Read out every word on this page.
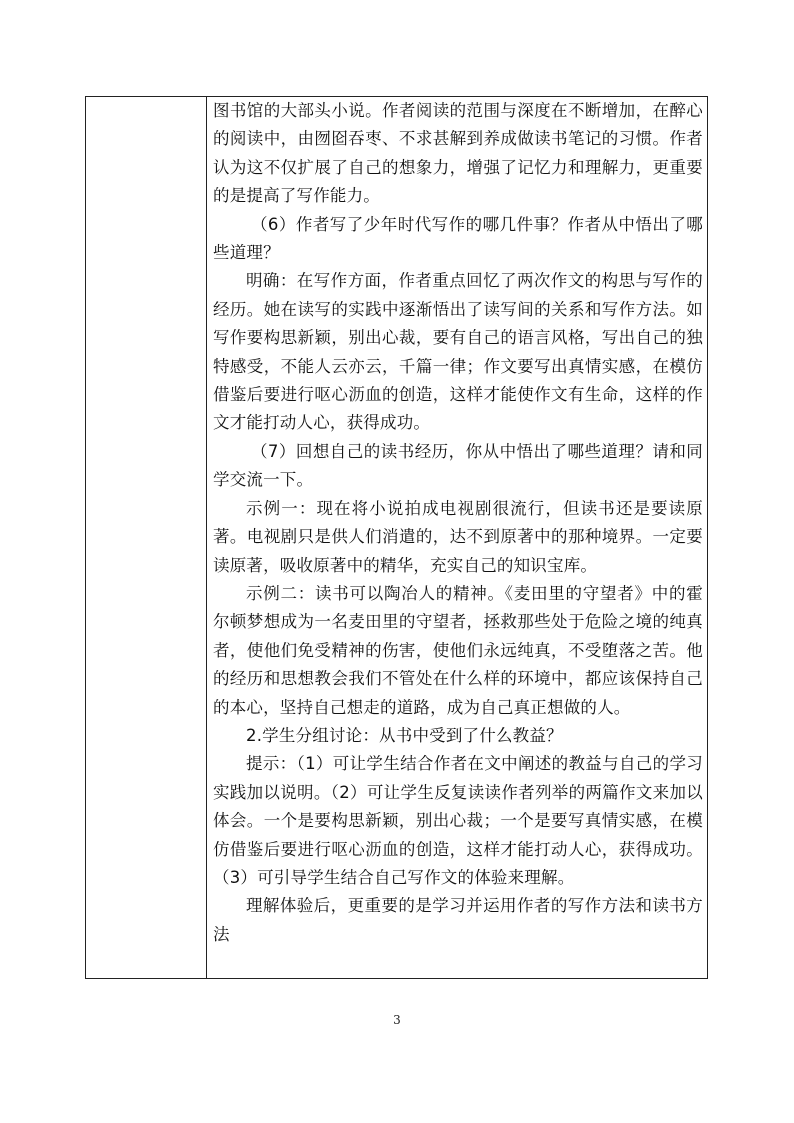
图书馆的大部头小说。作者阅读的范围与深度在不断增加，在醉心的阅读中，由囫囵吞枣、不求甚解到养成做读书笔记的习惯。作者认为这不仅扩展了自己的想象力，增强了记忆力和理解力，更重要的是提高了写作能力。

（6）作者写了少年时代写作的哪几件事？作者从中悟出了哪些道理？

明确：在写作方面，作者重点回忆了两次作文的构思与写作的经历。她在读写的实践中逐渐悟出了读写间的关系和写作方法。如写作要构思新颖，别出心裁，要有自己的语言风格，写出自己的独特感受，不能人云亦云，千篇一律；作文要写出真情实感，在模仿借鉴后要进行呕心沥血的创造，这样才能使作文有生命，这样的作文才能打动人心，获得成功。

（7）回想自己的读书经历，你从中悟出了哪些道理？请和同学交流一下。

示例一：现在将小说拍成电视剧很流行，但读书还是要读原著。电视剧只是供人们消遣的，达不到原著中的那种境界。一定要读原著，吸收原著中的精华，充实自己的知识宝库。

示例二：读书可以陶冶人的精神。《麦田里的守望者》中的霍尔顿梦想成为一名麦田里的守望者，拯救那些处于危险之境的纯真者，使他们免受精神的伤害，使他们永远纯真，不受堕落之苦。他的经历和思想教会我们不管处在什么样的环境中，都应该保持自己的本心，坚持自己想走的道路，成为自己真正想做的人。

2.学生分组讨论：从书中受到了什么教益？

提示：（1）可让学生结合作者在文中阐述的教益与自己的学习实践加以说明。（2）可让学生反复读读作者列举的两篇作文来加以体会。一个是要构思新颖，别出心裁；一个是要写真情实感，在模仿借鉴后要进行呕心沥血的创造，这样才能打动人心，获得成功。（3）可引导学生结合自己写作文的体验来理解。

理解体验后，更重要的是学习并运用作者的写作方法和读书方法

3
